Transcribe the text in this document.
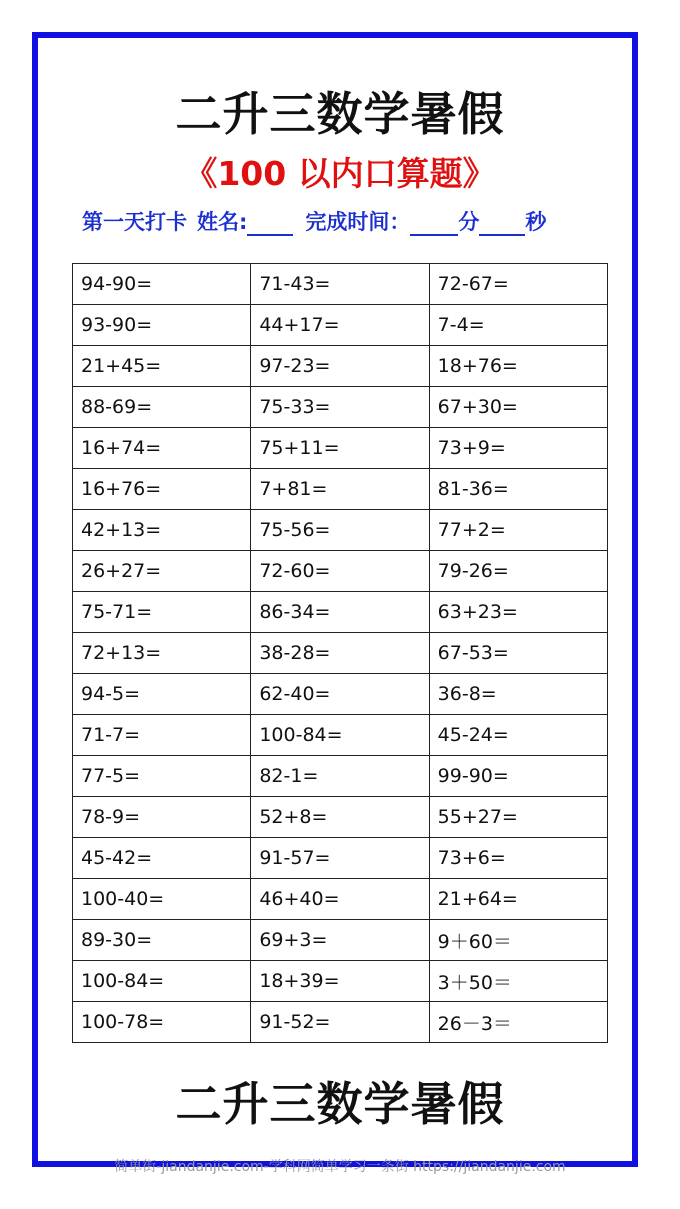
二升三数学暑假
《100 以内口算题》
第一天打卡 姓名:	完成时间： 分 秒
94-90=	71-43=	72-67=
93-90=	44+17=	7-4=
21+45=	97-23=	18+76=
88-69=	75-33=	67+30=
16+74=	75+11=	73+9=
16+76=	7+81=	81-36=
42+13=	75-56=	77+2=
26+27=	72-60=	79-26=
75-71=	86-34=	63+23=
72+13=	38-28=	67-53=
94-5=	62-40=	36-8=
71-7=	100-84=	45-24=
77-5=	82-1=	99-90=
78-9=	52+8=	55+27=
45-42=	91-57=	73+6=
100-40=	46+40=	21+64=
89-30=	69+3=	9＋60＝
100-84=	18+39=	3＋50＝
100-78=	91-52=	26－3＝
二升三数学暑假
简单街-jiandanjie.com-学科网简单学习一条街 https://jiandanjie.com
